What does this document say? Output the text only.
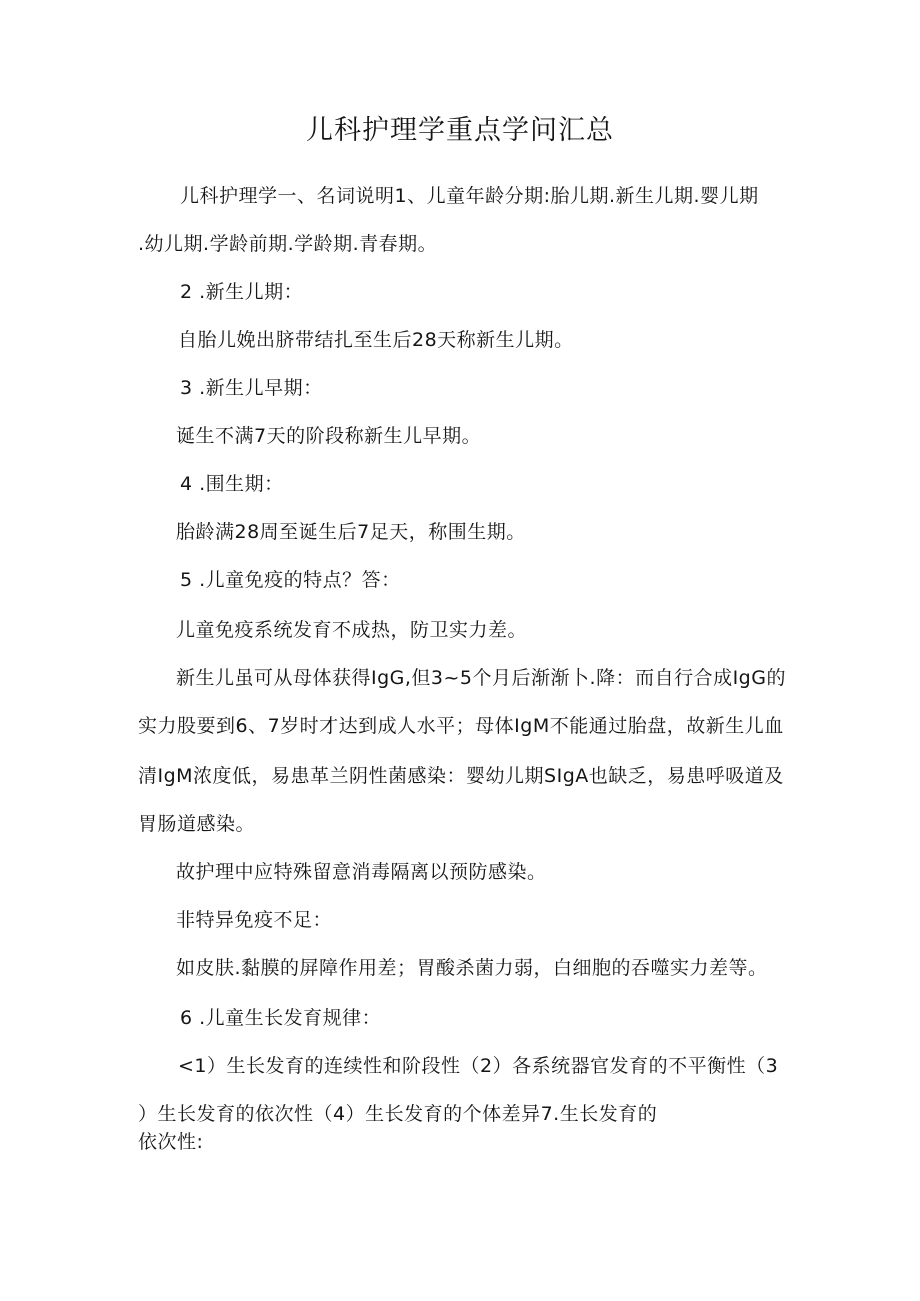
儿科护理学重点学问汇总
儿科护理学一、名词说明1、儿童年龄分期:胎儿期.新生儿期.婴儿期
.幼儿期.学龄前期.学龄期.青春期。
2 .新生儿期：
自胎儿娩出脐带结扎至生后28天称新生儿期。
3 .新生儿早期：
诞生不满7天的阶段称新生儿早期。
4 .围生期：
胎龄满28周至诞生后7足天，称围生期。
5 .儿童免疫的特点？答：
儿童免疫系统发育不成热，防卫实力差。
新生儿虽可从母体获得IgG,但3~5个月后渐渐卜.降：而自行合成IgG的
实力股要到6、7岁时才达到成人水平；母体IgM不能通过胎盘，故新生儿血
清IgM浓度低，易患革兰阴性菌感染：婴幼儿期SIgA也缺乏，易患呼吸道及
胃肠道感染。
故护理中应特殊留意消毒隔离以预防感染。
非特异免疫不足：
如皮肤.黏膜的屏障作用差；胃酸杀菌力弱，白细胞的吞噬实力差等。
6 .儿童生长发育规律：
<1）生长发育的连续性和阶段性（2）各系统器官发育的不平衡性（3
）生长发育的依次性（4）生长发育的个体差异7.生长发育的
依次性:
